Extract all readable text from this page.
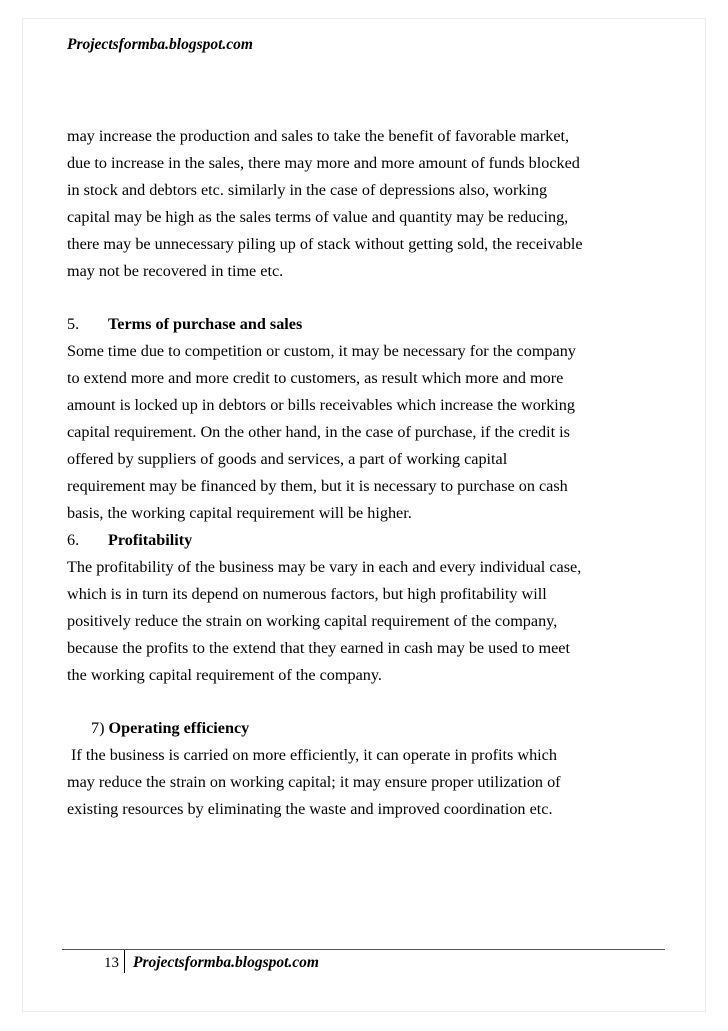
Projectsformba.blogspot.com
may increase the production and sales to take the benefit of favorable market,
due to increase in the sales, there may more and more amount of funds blocked
in stock and debtors etc. similarly in the case of depressions also, working
capital may be high as the sales terms of value and quantity may be reducing,
there may be unnecessary piling up of stack without getting sold, the receivable
may not be recovered in time etc.
5. Terms of purchase and sales
Some time due to competition or custom, it may be necessary for the company
to extend more and more credit to customers, as result which more and more
amount is locked up in debtors or bills receivables which increase the working
capital requirement. On the other hand, in the case of purchase, if the credit is
offered by suppliers of goods and services, a part of working capital
requirement may be financed by them, but it is necessary to purchase on cash
basis, the working capital requirement will be higher.
6. Profitability
The profitability of the business may be vary in each and every individual case,
which is in turn its depend on numerous factors, but high profitability will
positively reduce the strain on working capital requirement of the company,
because the profits to the extend that they earned in cash may be used to meet
the working capital requirement of the company.
7) Operating efficiency
If the business is carried on more efficiently, it can operate in profits which
may reduce the strain on working capital; it may ensure proper utilization of
existing resources by eliminating the waste and improved coordination etc.
13 Projectsformba.blogspot.com
